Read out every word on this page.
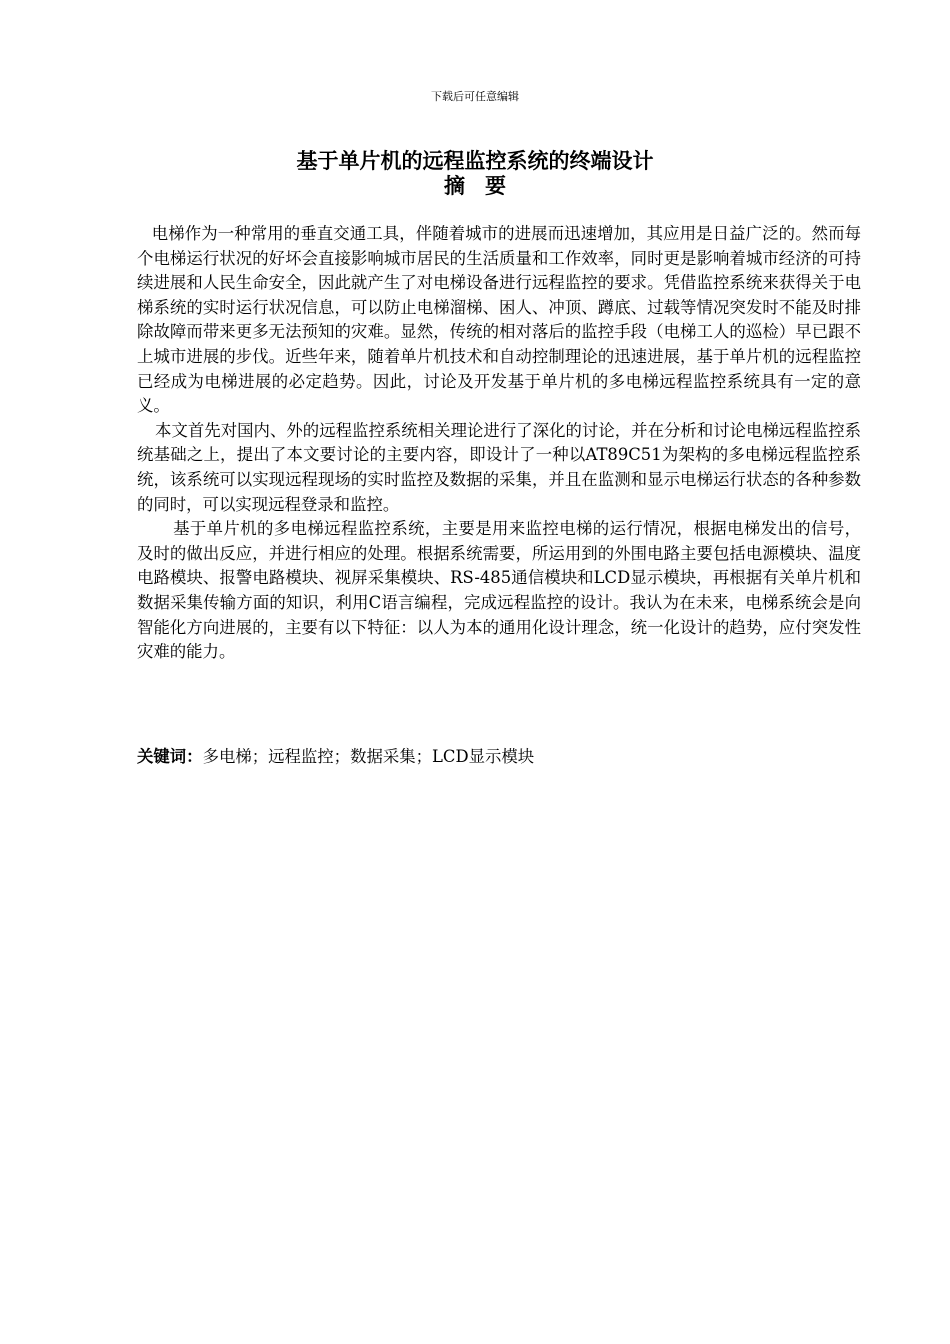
下载后可任意编辑
基于单片机的远程监控系统的终端设计
摘要

电梯作为一种常用的垂直交通工具，伴随着城市的进展而迅速增加，其应用是日益广泛的。然而每个电梯运行状况的好坏会直接影响城市居民的生活质量和工作效率，同时更是影响着城市经济的可持续进展和人民生命安全，因此就产生了对电梯设备进行远程监控的要求。凭借监控系统来获得关于电梯系统的实时运行状况信息，可以防止电梯溜梯、困人、冲顶、蹲底、过载等情况突发时不能及时排除故障而带来更多无法预知的灾难。显然，传统的相对落后的监控手段（电梯工人的巡检）早已跟不上城市进展的步伐。近些年来，随着单片机技术和自动控制理论的迅速进展，基于单片机的远程监控已经成为电梯进展的必定趋势。因此，讨论及开发基于单片机的多电梯远程监控系统具有一定的意义。

本文首先对国内、外的远程监控系统相关理论进行了深化的讨论，并在分析和讨论电梯远程监控系统基础之上，提出了本文要讨论的主要内容，即设计了一种以AT89C51为架构的多电梯远程监控系统，该系统可以实现远程现场的实时监控及数据的采集，并且在监测和显示电梯运行状态的各种参数的同时，可以实现远程登录和监控。

基于单片机的多电梯远程监控系统，主要是用来监控电梯的运行情况，根据电梯发出的信号，及时的做出反应，并进行相应的处理。根据系统需要，所运用到的外围电路主要包括电源模块、温度电路模块、报警电路模块、视屏采集模块、RS-485通信模块和LCD显示模块，再根据有关单片机和数据采集传输方面的知识，利用C语言编程，完成远程监控的设计。我认为在未来，电梯系统会是向智能化方向进展的，主要有以下特征：以人为本的通用化设计理念，统一化设计的趋势，应付突发性灾难的能力。

关键词：多电梯；远程监控；数据采集；LCD显示模块
